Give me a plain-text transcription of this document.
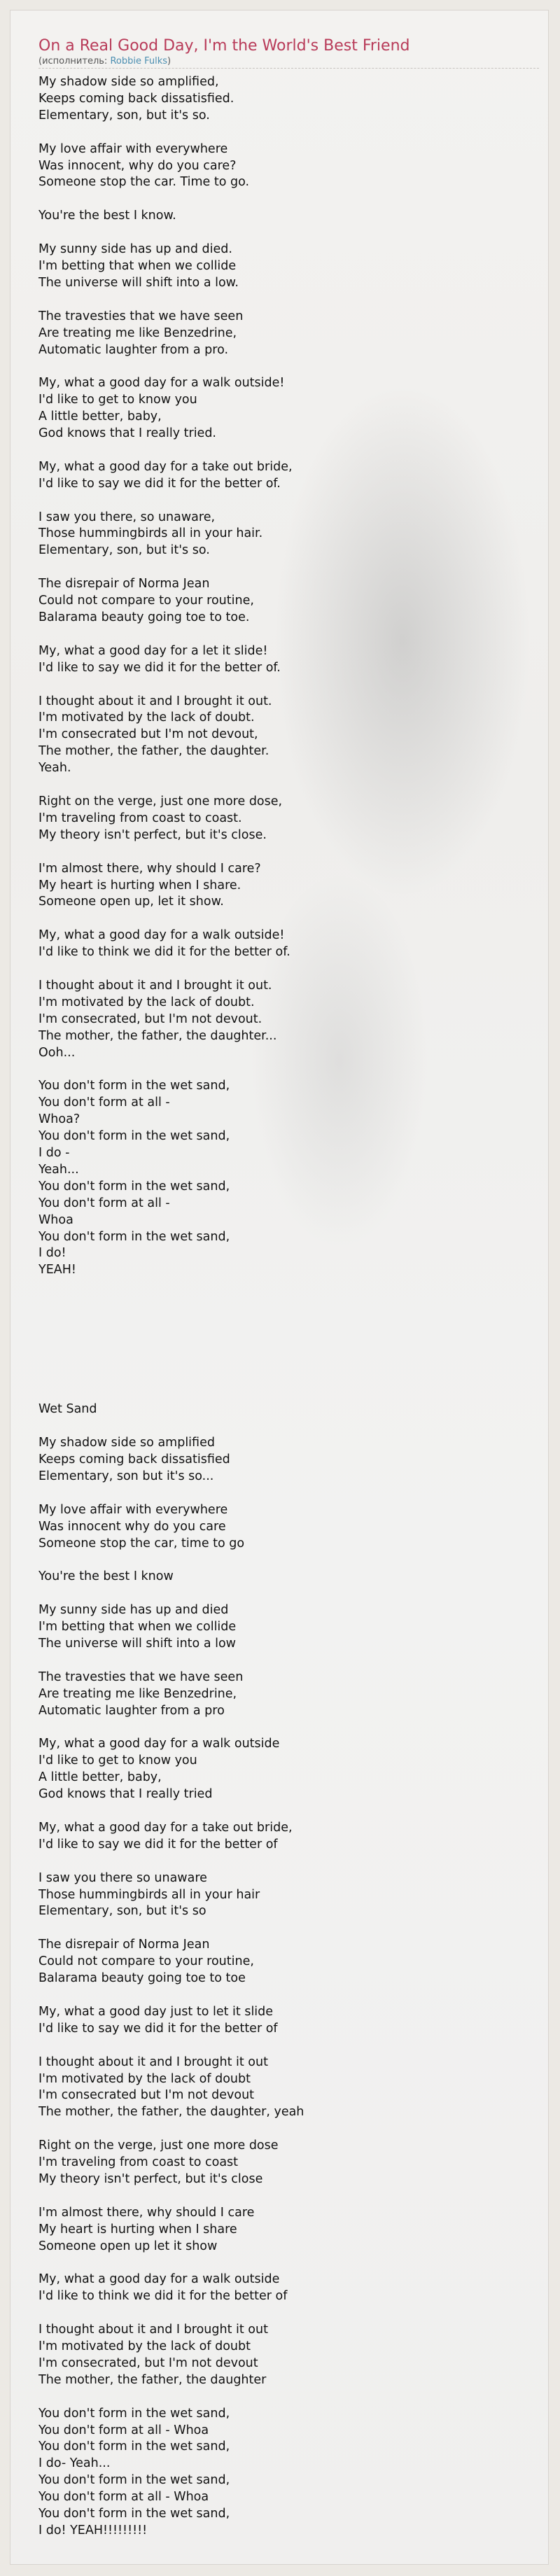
On a Real Good Day, I'm the World's Best Friend
(исполнитель: Robbie Fulks)
My shadow side so amplified,
Keeps coming back dissatisfied.
Elementary, son, but it's so.

My love affair with everywhere
Was innocent, why do you care?
Someone stop the car. Time to go.

You're the best I know.

My sunny side has up and died.
I'm betting that when we collide
The universe will shift into a low.

The travesties that we have seen
Are treating me like Benzedrine,
Automatic laughter from a pro.

My, what a good day for a walk outside!
I'd like to get to know you
A little better, baby,
God knows that I really tried.

My, what a good day for a take out bride,
I'd like to say we did it for the better of.

I saw you there, so unaware,
Those hummingbirds all in your hair.
Elementary, son, but it's so.

The disrepair of Norma Jean
Could not compare to your routine,
Balarama beauty going toe to toe.

My, what a good day for a let it slide!
I'd like to say we did it for the better of.

I thought about it and I brought it out.
I'm motivated by the lack of doubt.
I'm consecrated but I'm not devout,
The mother, the father, the daughter.
Yeah.

Right on the verge, just one more dose,
I'm traveling from coast to coast.
My theory isn't perfect, but it's close.

I'm almost there, why should I care?
My heart is hurting when I share.
Someone open up, let it show.

My, what a good day for a walk outside!
I'd like to think we did it for the better of.

I thought about it and I brought it out.
I'm motivated by the lack of doubt.
I'm consecrated, but I'm not devout.
The mother, the father, the daughter...
Ooh...

You don't form in the wet sand,
You don't form at all -
Whoa?
You don't form in the wet sand,
I do -
Yeah...
You don't form in the wet sand,
You don't form at all -
Whoa
You don't form in the wet sand,
I do!
YEAH!
Wet Sand

My shadow side so amplified
Keeps coming back dissatisfied
Elementary, son but it's so...

My love affair with everywhere
Was innocent why do you care
Someone stop the car, time to go

You're the best I know

My sunny side has up and died
I'm betting that when we collide
The universe will shift into a low

The travesties that we have seen
Are treating me like Benzedrine,
Automatic laughter from a pro

My, what a good day for a walk outside
I'd like to get to know you
A little better, baby,
God knows that I really tried

My, what a good day for a take out bride,
I'd like to say we did it for the better of

I saw you there so unaware
Those hummingbirds all in your hair
Elementary, son, but it's so

The disrepair of Norma Jean
Could not compare to your routine,
Balarama beauty going toe to toe

My, what a good day just to let it slide
I'd like to say we did it for the better of

I thought about it and I brought it out
I'm motivated by the lack of doubt
I'm consecrated but I'm not devout
The mother, the father, the daughter, yeah

Right on the verge, just one more dose
I'm traveling from coast to coast
My theory isn't perfect, but it's close

I'm almost there, why should I care
My heart is hurting when I share
Someone open up let it show

My, what a good day for a walk outside
I'd like to think we did it for the better of

I thought about it and I brought it out
I'm motivated by the lack of doubt
I'm consecrated, but I'm not devout
The mother, the father, the daughter

You don't form in the wet sand,
You don't form at all - Whoa
You don't form in the wet sand,
I do- Yeah...
You don't form in the wet sand,
You don't form at all - Whoa
You don't form in the wet sand,
I do! YEAH!!!!!!!!!
